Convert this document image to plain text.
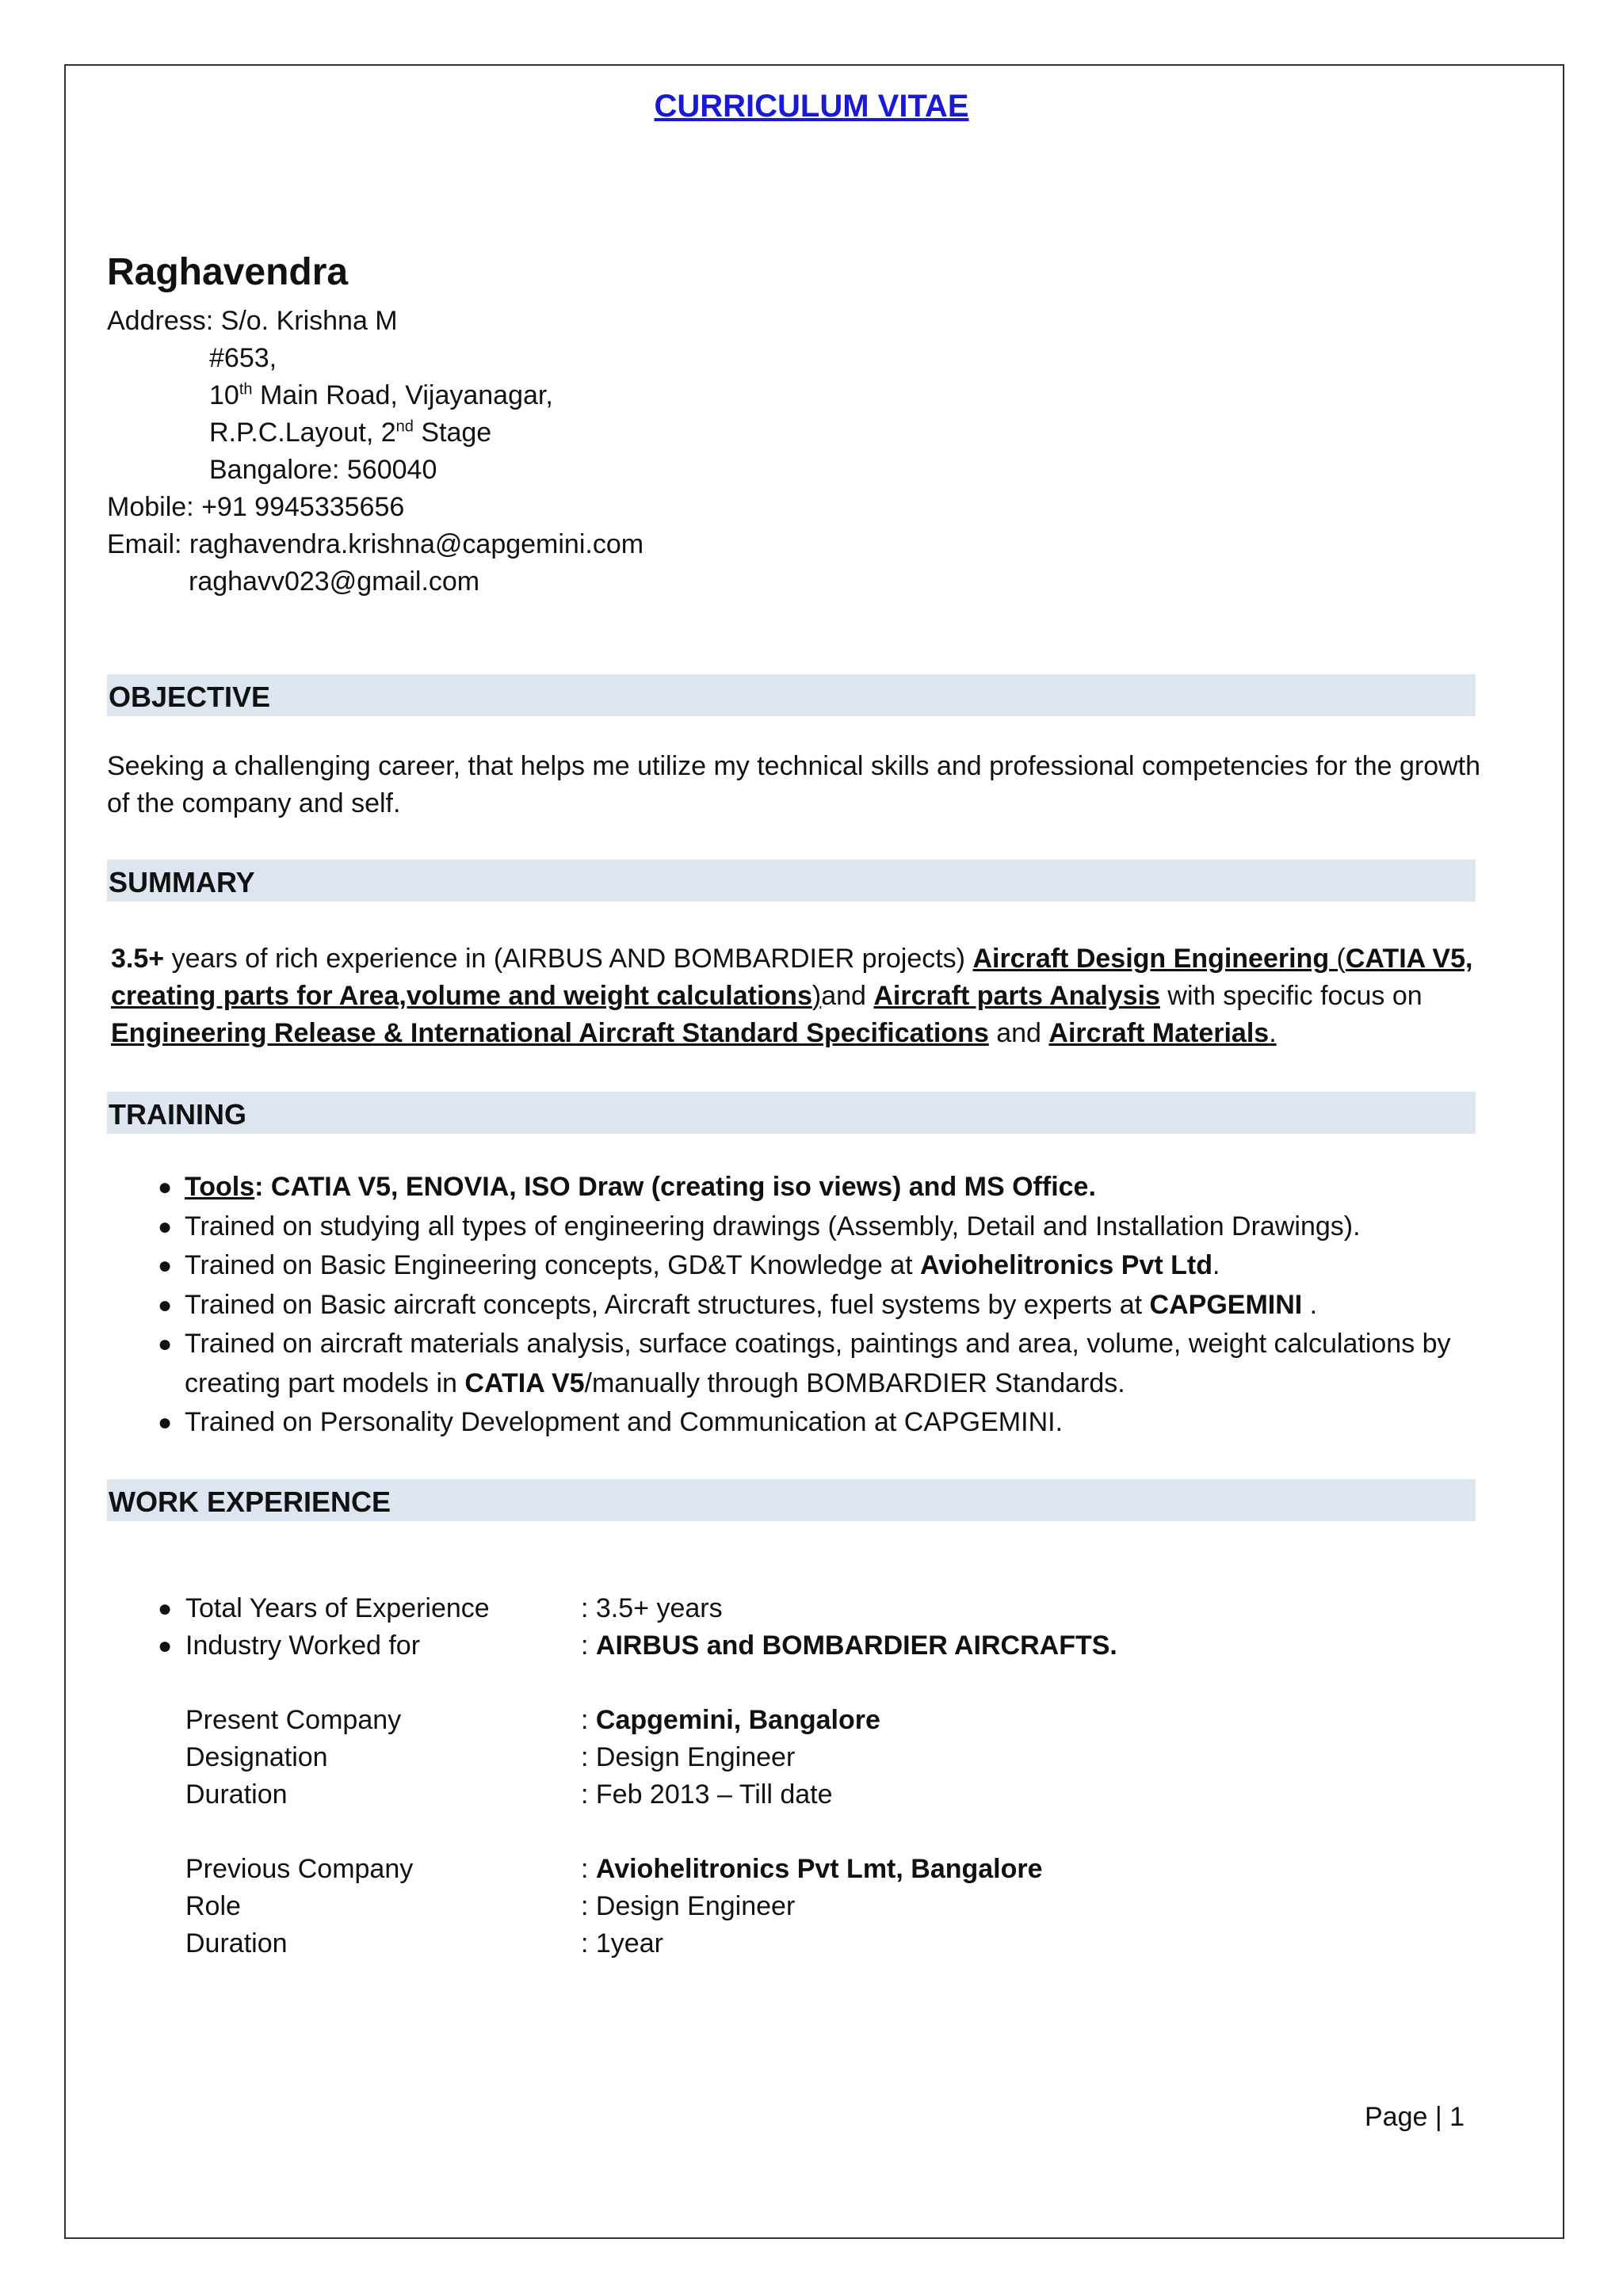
CURRICULUM VITAE
Raghavendra
Address: S/o. Krishna M
#653,
10th Main Road, Vijayanagar,
R.P.C.Layout, 2nd Stage
Bangalore: 560040
Mobile: +91 9945335656
Email: raghavendra.krishna@capgemini.com
raghavv023@gmail.com
OBJECTIVE
Seeking a challenging career, that helps me utilize my technical skills and professional competencies for the growth of the company and self.
SUMMARY
3.5+ years of rich experience in (AIRBUS AND BOMBARDIER projects) Aircraft Design Engineering (CATIA V5, creating parts for Area,volume and weight calculations)and Aircraft parts Analysis with specific focus on Engineering Release & International Aircraft Standard Specifications and Aircraft Materials.
TRAINING
● Tools: CATIA V5, ENOVIA, ISO Draw (creating iso views) and MS Office.
● Trained on studying all types of engineering drawings (Assembly, Detail and Installation Drawings).
● Trained on Basic Engineering concepts, GD&T Knowledge at Aviohelitronics Pvt Ltd.
● Trained on Basic aircraft concepts, Aircraft structures, fuel systems by experts at CAPGEMINI .
● Trained on aircraft materials analysis, surface coatings, paintings and area, volume, weight calculations by creating part models in CATIA V5/manually through BOMBARDIER Standards.
● Trained on Personality Development and Communication at CAPGEMINI.
WORK EXPERIENCE
● Total Years of Experience	: 3.5+ years
● Industry Worked for	: AIRBUS and BOMBARDIER AIRCRAFTS.
Present Company	: Capgemini, Bangalore
Designation	: Design Engineer
Duration	: Feb 2013 – Till date
Previous Company	: Aviohelitronics Pvt Lmt, Bangalore
Role	: Design Engineer
Duration	: 1year
Page | 1
